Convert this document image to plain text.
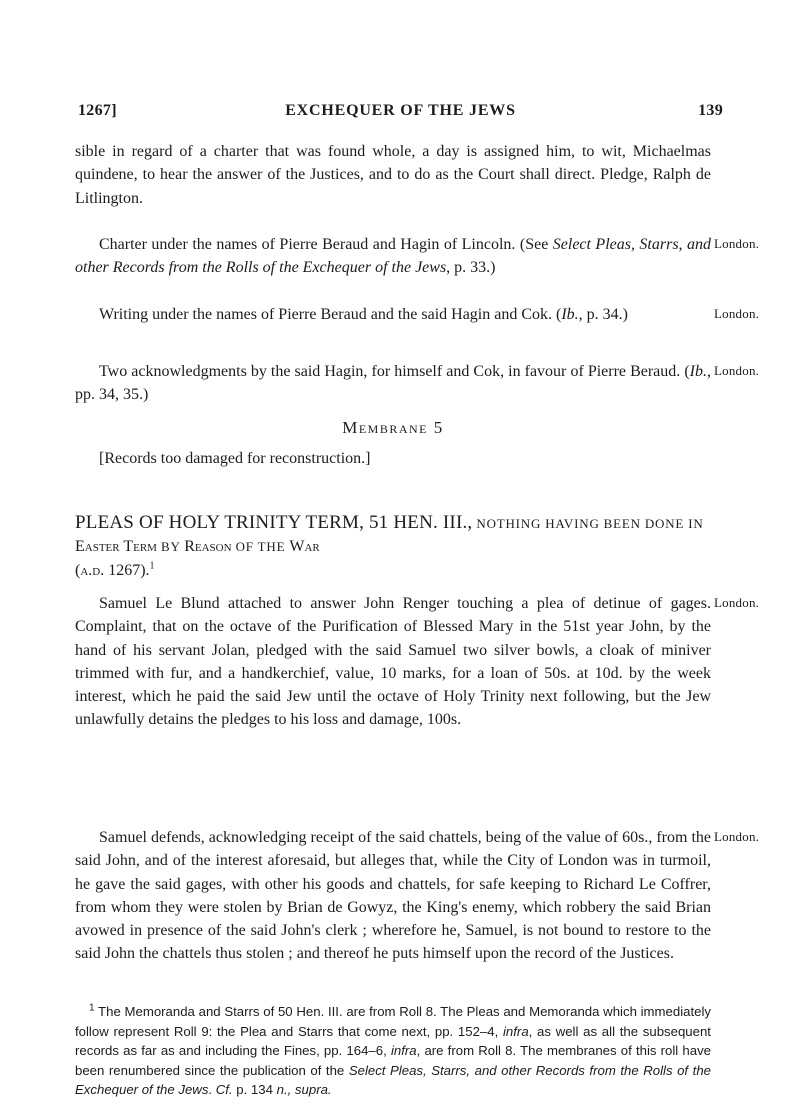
1267]	EXCHEQUER OF THE JEWS	139
sible in regard of a charter that was found whole, a day is assigned him, to wit, Michaelmas quindene, to hear the answer of the Justices, and to do as the Court shall direct. Pledge, Ralph de Litlington.
Charter under the names of Pierre Beraud and Hagin of Lincoln. (See Select Pleas, Starrs, and other Records from the Rolls of the Exchequer of the Jews, p. 33.)
London.
Writing under the names of Pierre Beraud and the said Hagin and Cok. (Ib., p. 34.)	London.
Two acknowledgments by the said Hagin, for himself and Cok, in favour of Pierre Beraud. (Ib., pp. 34, 35.)
London.
Membrane 5
[Records too damaged for reconstruction.]
PLEAS OF HOLY TRINITY TERM, 51 HEN. III., NOTHING HAVING BEEN DONE IN Easter Term BY Reason OF THE War
(a.d. 1267).$^1$
Samuel Le Blund attached to answer John Renger touching a plea of detinue of gages. Complaint, that on the octave of the Purification of Blessed Mary in the 51st year John, by the hand of his servant Jolan, pledged with the said Samuel two silver bowls, a cloak of miniver trimmed with fur, and a handkerchief, value, 10 marks, for a loan of 50s. at 10d. by the week interest, which he paid the said Jew until the octave of Holy Trinity next following, but the Jew unlawfully detains the pledges to his loss and damage, 100s.
London.
Samuel defends, acknowledging receipt of the said chattels, being of the value of 60s., from the said John, and of the interest aforesaid, but alleges that, while the City of London was in turmoil, he gave the said gages, with other his goods and chattels, for safe keeping to Richard Le Coffrer, from whom they were stolen by Brian de Gowyz, the King's enemy, which robbery the said Brian avowed in presence of the said John's clerk ; wherefore he, Samuel, is not bound to restore to the said John the chattels thus stolen ; and thereof he puts himself upon the record of the Justices.
London.
$^1$ The Memoranda and Starrs of 50 Hen. III. are from Roll 8. The Pleas and Memoranda which immediately follow represent Roll 9: the Plea and Starrs that come next, pp. 152–4, infra, as well as all the subsequent records as far as and including the Fines, pp. 164–6, infra, are from Roll 8. The membranes of this roll have been renumbered since the publication of the Select Pleas, Starrs, and other Records from the Rolls of the Exchequer of the Jews. Cf. p. 134 n., supra.
